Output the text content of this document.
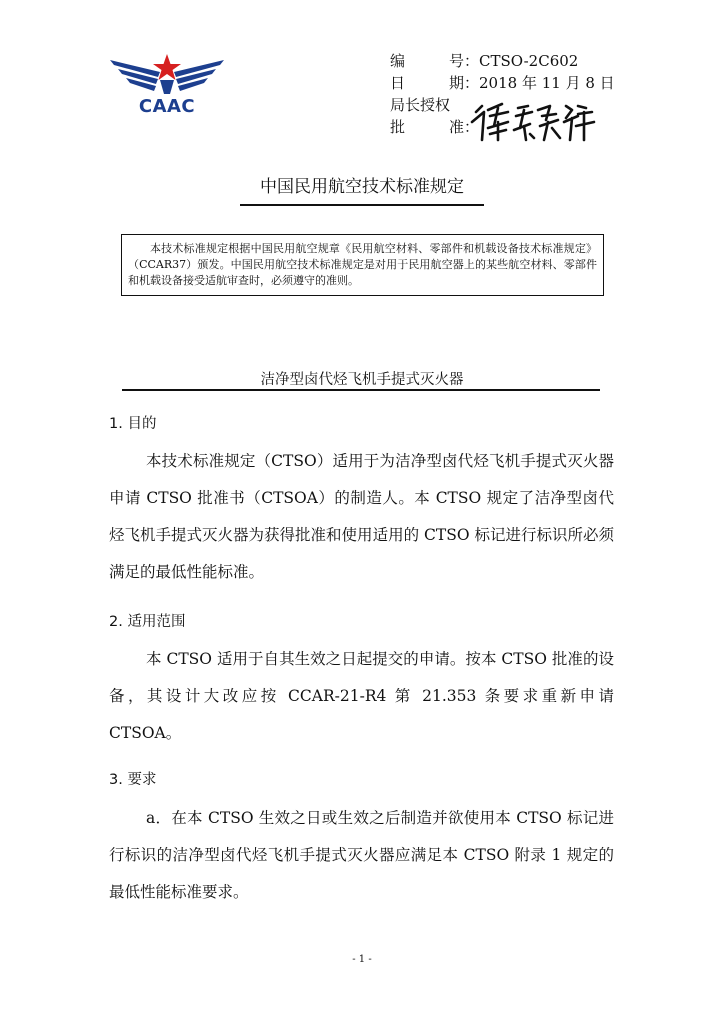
CAAC
编	号 ：CTSO-2C602
日	期 ：2018 年 11 月 8 日
局长授权
批	准 ：
中国民用航空技术标准规定
本技术标准规定根据中国民用航空规章《民用航空材料、零部件和机载设备技术标准规定》（CCAR37）颁发。中国民用航空技术标准规定是对用于民用航空器上的某些航空材料、零部件和机载设备接受适航审查时，必须遵守的准则。
洁净型卤代烃飞机手提式灭火器
1. 目的
本技术标准规定（CTSO）适用于为洁净型卤代烃飞机手提式灭火器申请 CTSO 批准书（CTSOA）的制造人。本 CTSO 规定了洁净型卤代烃飞机手提式灭火器为获得批准和使用适用的 CTSO 标记进行标识所必须满足的最低性能标准。
2. 适用范围
本 CTSO 适用于自其生效之日起提交的申请。按本 CTSO 批准的设备，其设计大改应按 CCAR-21-R4 第 21.353 条要求重新申请 CTSOA。
3. 要求
a．在本 CTSO 生效之日或生效之后制造并欲使用本 CTSO 标记进行标识的洁净型卤代烃飞机手提式灭火器应满足本 CTSO 附录 1 规定的最低性能标准要求。
- 1 -
